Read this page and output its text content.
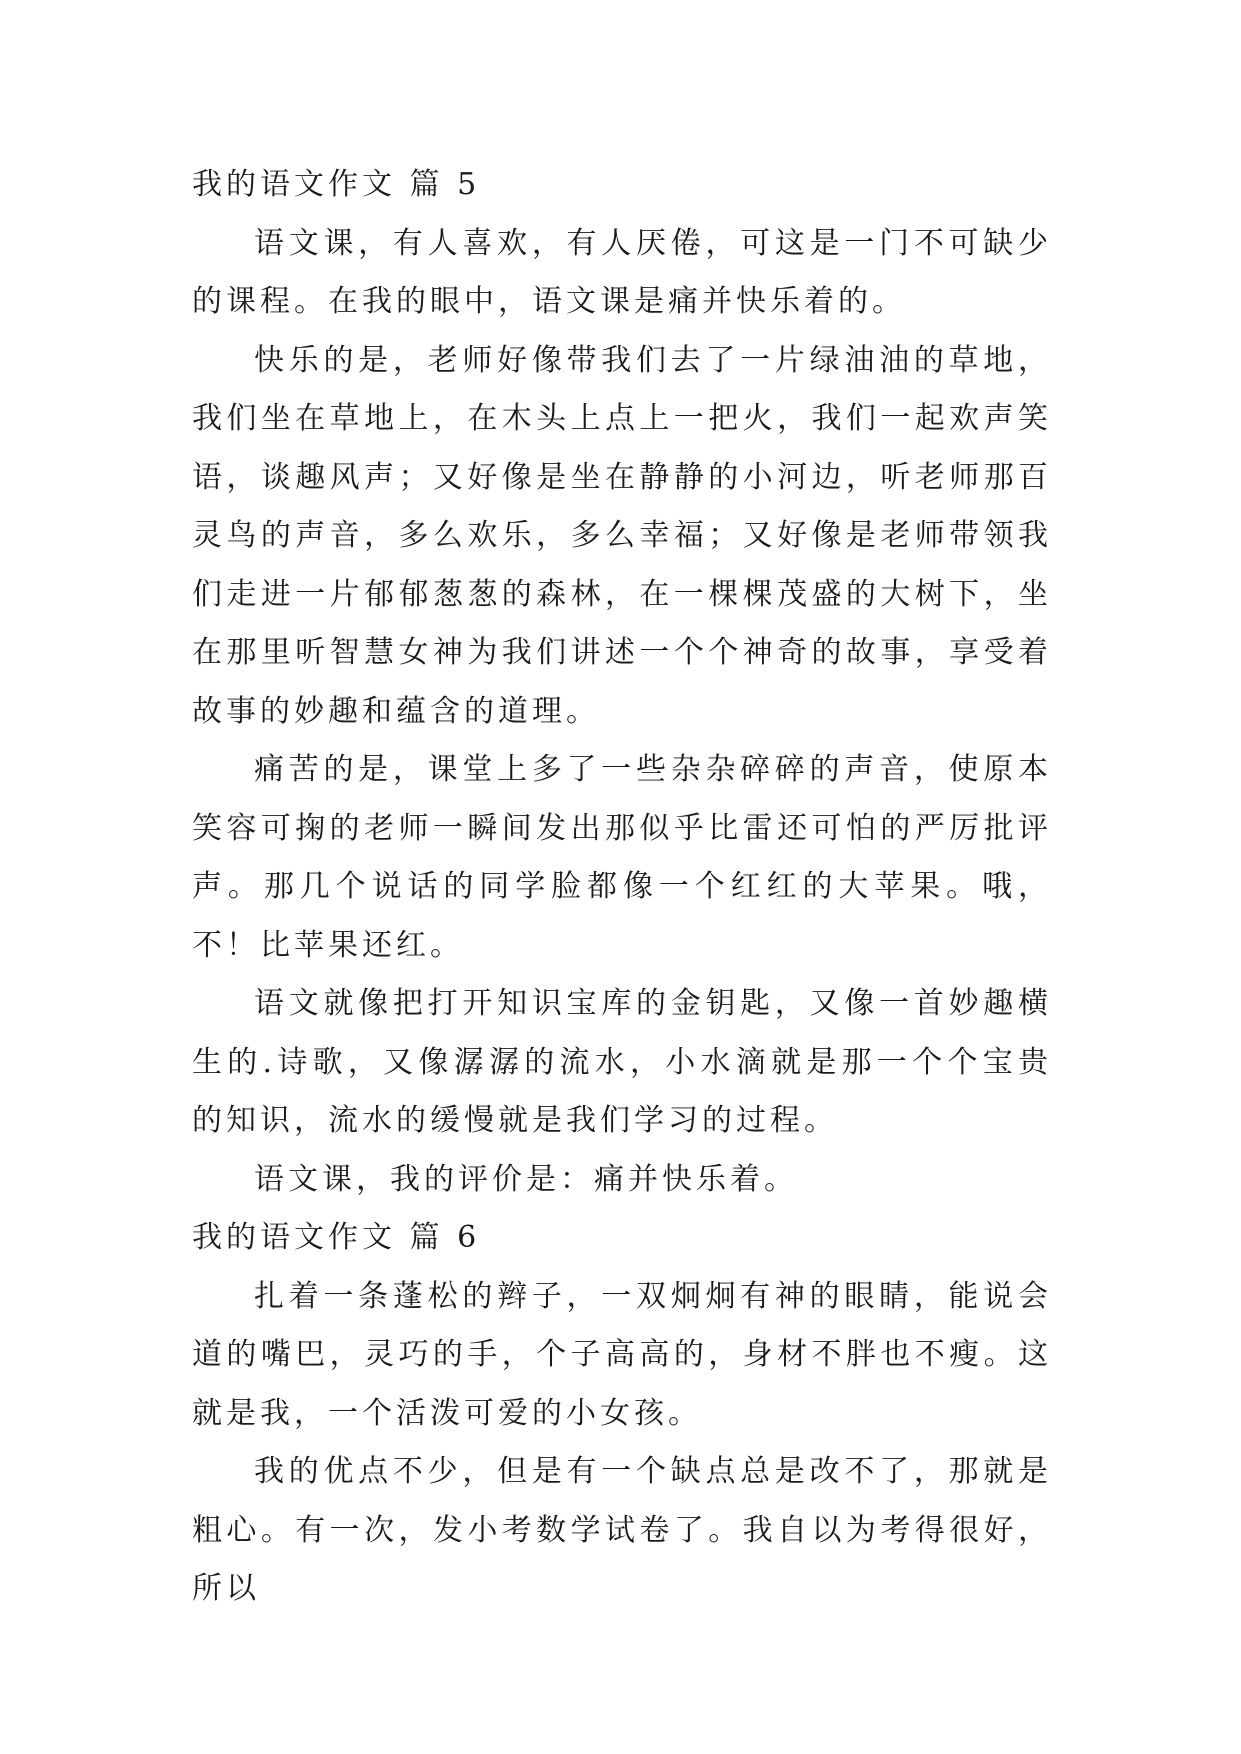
我的语文作文 篇 5

语文课，有人喜欢，有人厌倦，可这是一门不可缺少的课程。在我的眼中，语文课是痛并快乐着的。

快乐的是，老师好像带我们去了一片绿油油的草地，我们坐在草地上，在木头上点上一把火，我们一起欢声笑语，谈趣风声；又好像是坐在静静的小河边，听老师那百灵鸟的声音，多么欢乐，多么幸福；又好像是老师带领我们走进一片郁郁葱葱的森林，在一棵棵茂盛的大树下，坐在那里听智慧女神为我们讲述一个个神奇的故事，享受着故事的妙趣和蕴含的道理。

痛苦的是，课堂上多了一些杂杂碎碎的声音，使原本笑容可掬的老师一瞬间发出那似乎比雷还可怕的严厉批评声。那几个说话的同学脸都像一个红红的大苹果。哦，不！比苹果还红。

语文就像把打开知识宝库的金钥匙，又像一首妙趣横生的.诗歌，又像潺潺的流水，小水滴就是那一个个宝贵的知识，流水的缓慢就是我们学习的过程。

语文课，我的评价是：痛并快乐着。

我的语文作文 篇 6

扎着一条蓬松的辫子，一双炯炯有神的眼睛，能说会道的嘴巴，灵巧的手，个子高高的，身材不胖也不瘦。这就是我，一个活泼可爱的小女孩。

我的优点不少，但是有一个缺点总是改不了，那就是粗心。有一次，发小考数学试卷了。我自以为考得很好，所以
